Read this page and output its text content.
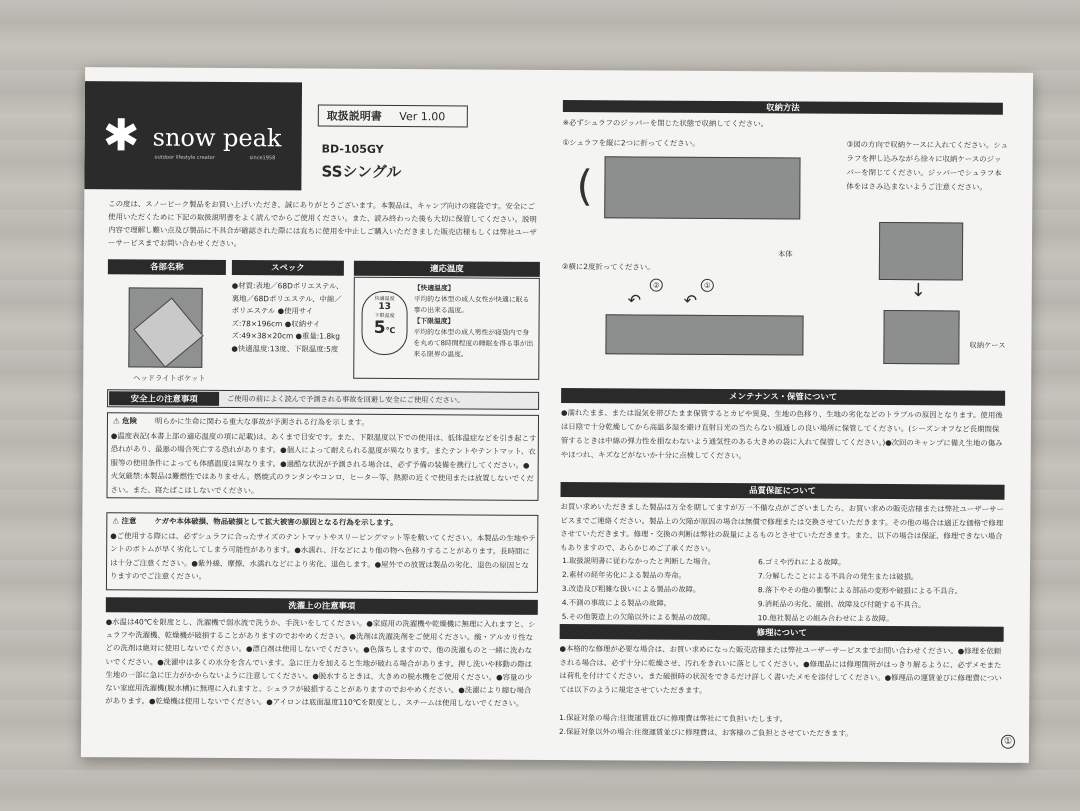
✱ snow peak
outdoor lifestyle creator	since1958
取扱説明書 Ver 1.00
BD-105GY
SSシングル
この度は、スノーピーク製品をお買い上げいただき、誠にありがとうございます。本製品は、キャンプ向けの寝袋です。安全にご使用いただくために下記の取扱説明書をよく読んでからご使用ください。また、読み終わった後も大切に保管してください。説明内容で理解し難い点及び製品に不具合が確認された際には直ちに使用を中止しご購入いただきました販売店様もしくは弊社ユーザーサービスまでお問い合わせください。
各部名称
ヘッドライトポケット
スペック
●材質:表地／68Dポリエステル、裏地／68Dポリエステル、中綿／ポリエステル ●使用サイズ:78×196cm ●収納サイズ:49×38×20cm ●重量:1.8kg ●快適温度:13度、下限温度:5度
適応温度
快適温度
13
下限温度
5℃
【快適温度】
平均的な体型の成人女性が快適に眠る事の出来る温度。
【下限温度】
平均的な体型の成人男性が寝袋内で身を丸めて8時間程度の睡眠を得る事が出来る限界の温度。
安全上の注意事項	ご使用の前によく読んで予測される事故を回避し安全にご使用ください。
⚠ 危険 明らかに生命に関わる重大な事故が予測される行為を示します。
●温度表記(本書上部の適応温度の項に記載)は、あくまで目安です。また、下限温度以下での使用は、低体温症などを引き起こす恐れがあり、最悪の場合死亡する恐れがあります。●個人によって耐えられる温度が異なります。またテントやテントマット、衣服等の使用条件によっても体感温度は異なります。●過酷な状況が予測される場合は、必ず予備の装備を携行してください。●火気厳禁:本製品は難燃性ではありません。燃焼式のランタンやコンロ、ヒーター等、熱源の近くで使用または放置しないでください。また、寝たばこはしないでください。
⚠ 注意 ケガや本体破損、物品破損として拡大被害の原因となる行為を示します。
●ご使用する際には、必ずシュラフに合ったサイズのテントマットやスリーピングマット等を敷いてください。本製品の生地やテントのボトムが早く劣化してしまう可能性があります。●水濡れ、汗などにより他の物へ色移りすることがあります。長時間には十分ご注意ください。●紫外線、摩擦、水濡れなどにより劣化、退色します。●屋外での放置は製品の劣化、退色の原因となりますのでご注意ください。
洗濯上の注意事項
●水温は40℃を限度とし、洗濯機で弱水流で洗うか、手洗いをしてください。●家庭用の洗濯機や乾燥機に無理に入れますと、シュラフや洗濯機、乾燥機が破損することがありますのでおやめください。●洗剤は洗濯洗剤をご使用ください。酸・アルカリ性などの洗剤は絶対に使用しないでください。●漂白剤は使用しないでください。●色落ちしますので、他の洗濯ものと一緒に洗わないでください。●洗濯中は多くの水分を含んでいます。急に圧力を加えると生地が破れる場合があります。押し洗いや移動の際は生地の一部に急に圧力がかからないように注意してください。●脱水するときは、大きめの脱水機をご使用ください。●容量の少ない家庭用洗濯機(脱水槽)に無理に入れますと、シュラフが破損することがありますのでおやめください。●洗濯により縮む場合があります。●乾燥機は使用しないでください。●アイロンは底面温度110℃を限度とし、スチームは使用しないでください。
収納方法
※必ずシュラフのジッパーを閉じた状態で収納してください。
①シュラフを縦に2つに折ってください。
(
本体
②横に2度折ってください。
②	①
↶	↶
③図の方向で収納ケースに入れてください。シュラフを押し込みながら徐々に収納ケースのジッパーを閉じてください。ジッパーでシュラフ本体をはさみ込まないようご注意ください。
↓
収納ケース
メンテナンス・保管について
●濡れたまま、または湿気を帯びたまま保管するとカビや異臭、生地の色移り、生地の劣化などのトラブルの原因となります。使用後は日陰で十分乾燥してから高温多湿を避け直射日光の当たらない風通しの良い場所に保管してください。(シーズンオフなど長期間保管するときは中綿の弾力性を損なわないよう通気性のある大きめの袋に入れて保管してください。)●次回のキャンプに備え生地の傷みやほつれ、キズなどがないか十分に点検してください。
品質保証について
お買い求めいただきました製品は万全を期してますが万一不備な点がございましたら、お買い求めの販売店様または弊社ユーザーサービスまでご連絡ください。製品上の欠陥が原因の場合は無償で修理または交換させていただきます。その他の場合は適正な価格で修理させていただきます。修理・交換の判断は弊社の裁量によるものとさせていただきます。また、以下の場合は保証、修理できない場合もありますので、あらかじめご了承ください。
1.取扱説明書に従わなかったと判断した場合。
2.素材の経年劣化による製品の寿命。
3.改造及び粗雑な扱いによる製品の故障。
4.不測の事故による製品の故障。
5.その他製造上の欠陥以外による製品の故障。
6.ゴミや汚れによる故障。
7.分解したことによる不具合の発生または破損。
8.落下やその他の衝撃による部品の変形や破損による不具合。
9.消耗品の劣化、破損、故障及び付随する不具合。
10.他社製品との組み合わせによる故障。
修理について
●本格的な修理が必要な場合は、お買い求めになった販売店様または弊社ユーザーサービスまでお問い合わせください。●修理を依頼される場合は、必ず十分に乾燥させ、汚れをきれいに落としてください。●修理品には修理箇所がはっきり解るように、必ずメモまたは荷札を付けてください。また破損時の状況をできるだけ詳しく書いたメモを添付してください。●修理品の運賃並びに修理費については以下のように規定させていただきます。
1.保証対象の場合:往復運賃並びに修理費は弊社にて負担いたします。
2.保証対象以外の場合:往復運賃並びに修理費は、お客様のご負担とさせていただきます。
①
